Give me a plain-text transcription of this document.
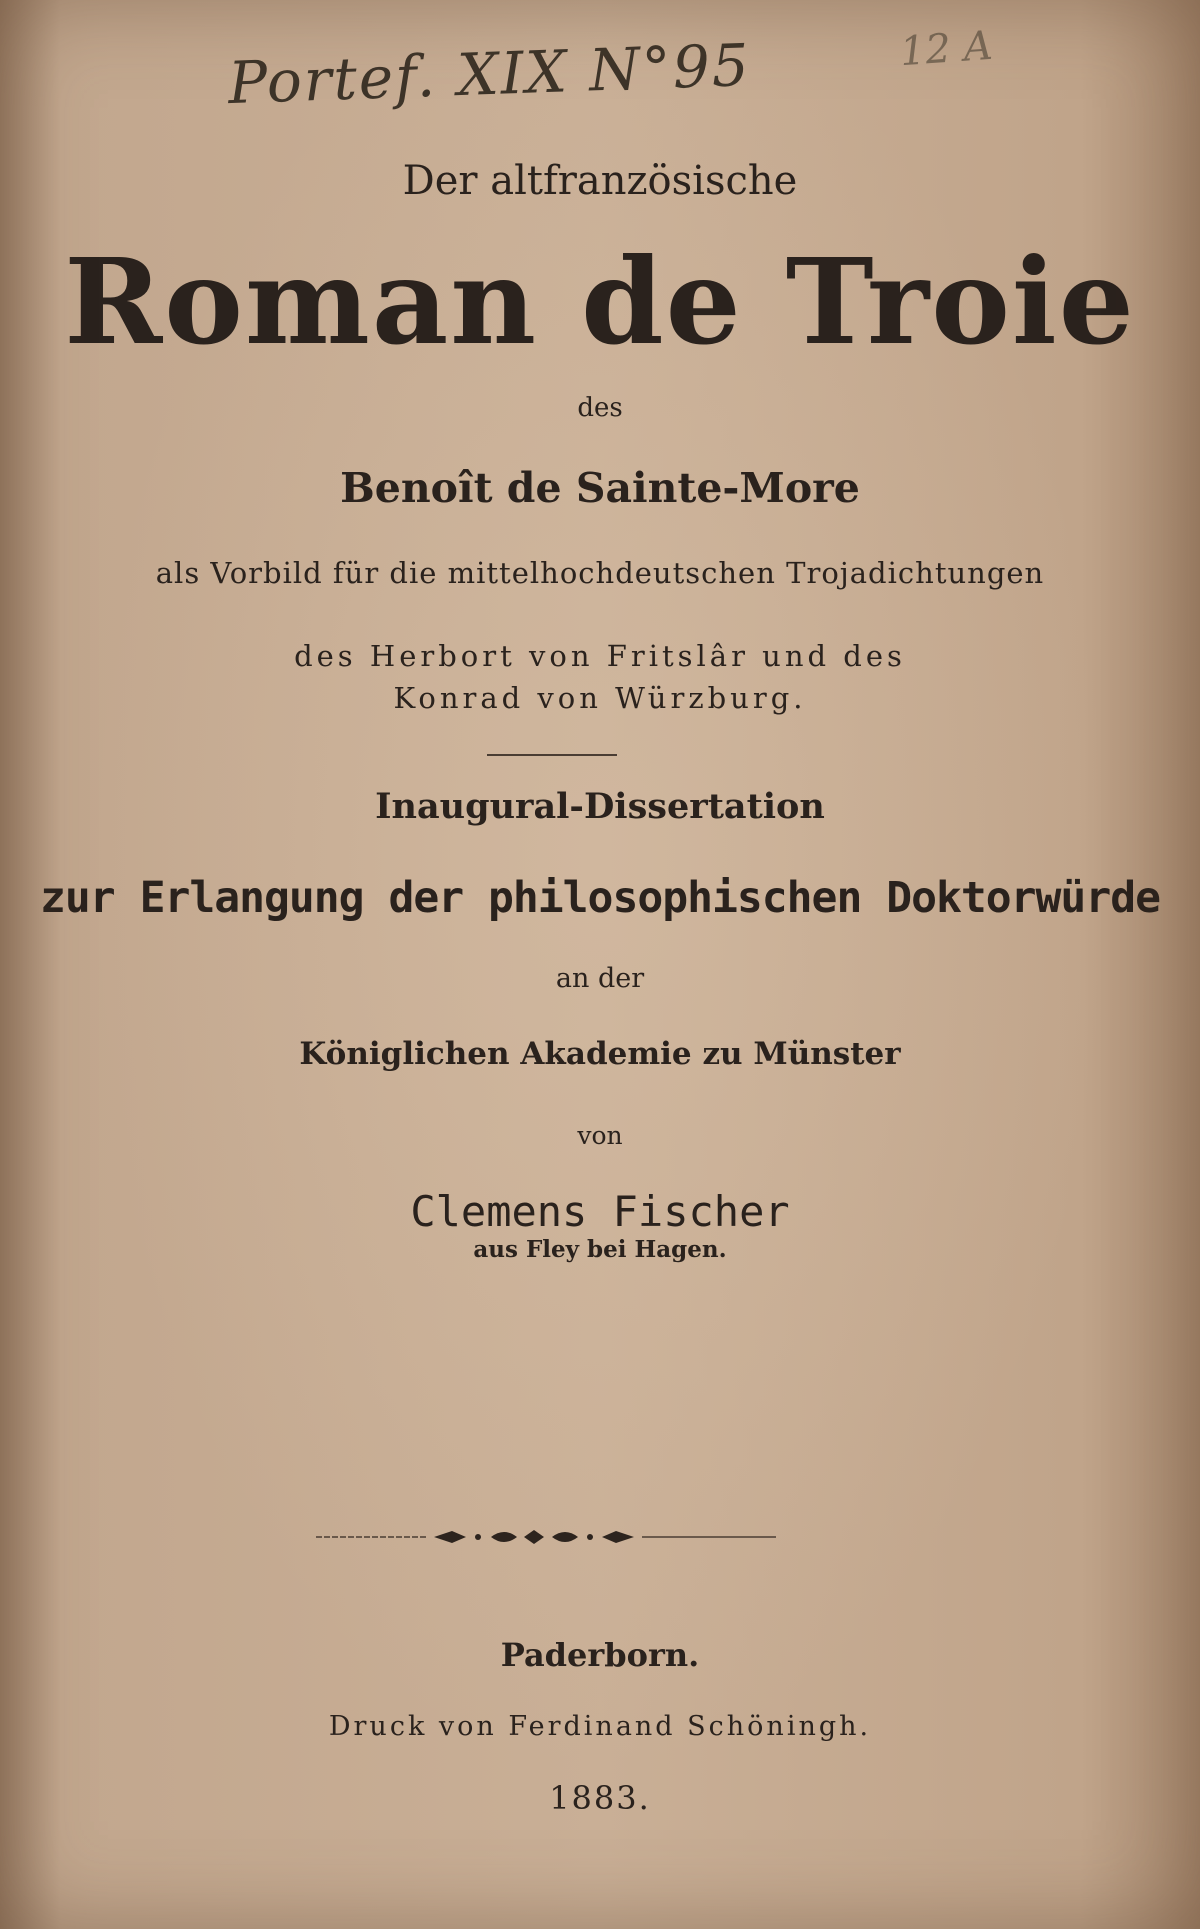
Portef. XIX N°95	12 A
Der altfranzösische
Roman de Troie
des
Benoît de Sainte-More
als Vorbild für die mittelhochdeutschen Trojadichtungen
des Herbort von Fritslâr und des
Konrad von Würzburg.
Inaugural-Dissertation
zur Erlangung der philosophischen Doktorwürde
an der
Königlichen Akademie zu Münster
von
Clemens Fischer
aus Fley bei Hagen.
Paderborn.
Druck von Ferdinand Schöningh.
1883.
